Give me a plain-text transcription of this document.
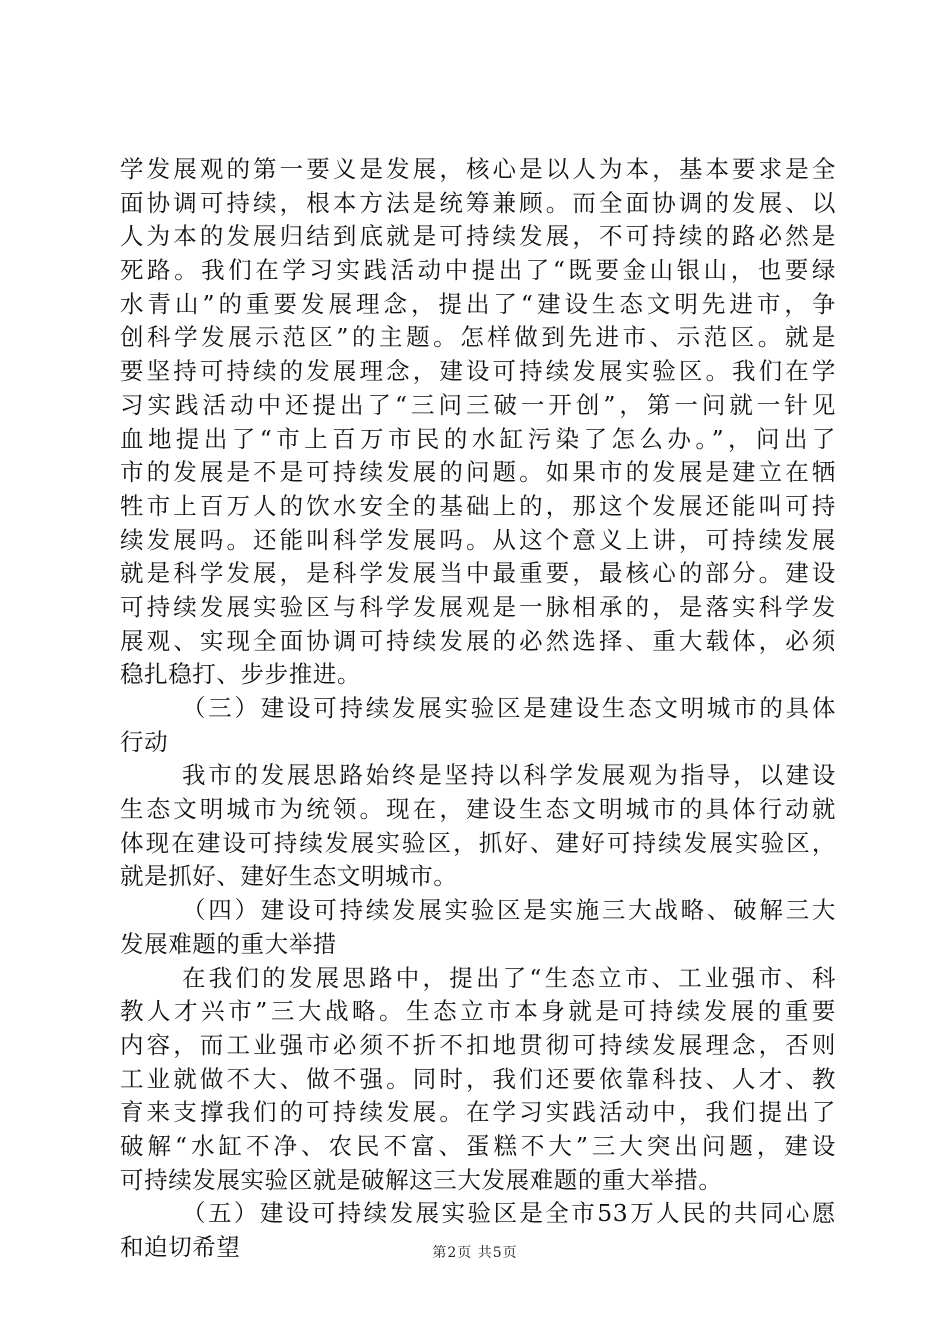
学发展观的第一要义是发展，核心是以人为本，基本要求是全
面协调可持续，根本方法是统筹兼顾。而全面协调的发展、以
人为本的发展归结到底就是可持续发展，不可持续的路必然是
死路。我们在学习实践活动中提出了“既要金山银山，也要绿
水青山”的重要发展理念，提出了“建设生态文明先进市，争
创科学发展示范区”的主题。怎样做到先进市、示范区。就是
要坚持可持续的发展理念，建设可持续发展实验区。我们在学
习实践活动中还提出了“三问三破一开创”，第一问就一针见
血地提出了“市上百万市民的水缸污染了怎么办。”，问出了
市的发展是不是可持续发展的问题。如果市的发展是建立在牺
牲市上百万人的饮水安全的基础上的，那这个发展还能叫可持
续发展吗。还能叫科学发展吗。从这个意义上讲，可持续发展
就是科学发展，是科学发展当中最重要，最核心的部分。建设
可持续发展实验区与科学发展观是一脉相承的，是落实科学发
展观、实现全面协调可持续发展的必然选择、重大载体，必须
稳扎稳打、步步推进。
（三）建设可持续发展实验区是建设生态文明城市的具体
行动
我市的发展思路始终是坚持以科学发展观为指导，以建设
生态文明城市为统领。现在，建设生态文明城市的具体行动就
体现在建设可持续发展实验区，抓好、建好可持续发展实验区，
就是抓好、建好生态文明城市。
（四）建设可持续发展实验区是实施三大战略、破解三大
发展难题的重大举措
在我们的发展思路中，提出了“生态立市、工业强市、科
教人才兴市”三大战略。生态立市本身就是可持续发展的重要
内容，而工业强市必须不折不扣地贯彻可持续发展理念，否则
工业就做不大、做不强。同时，我们还要依靠科技、人才、教
育来支撑我们的可持续发展。在学习实践活动中，我们提出了
破解“水缸不净、农民不富、蛋糕不大”三大突出问题，建设
可持续发展实验区就是破解这三大发展难题的重大举措。
（五）建设可持续发展实验区是全市53万人民的共同心愿
和迫切希望	第2页 共5页
